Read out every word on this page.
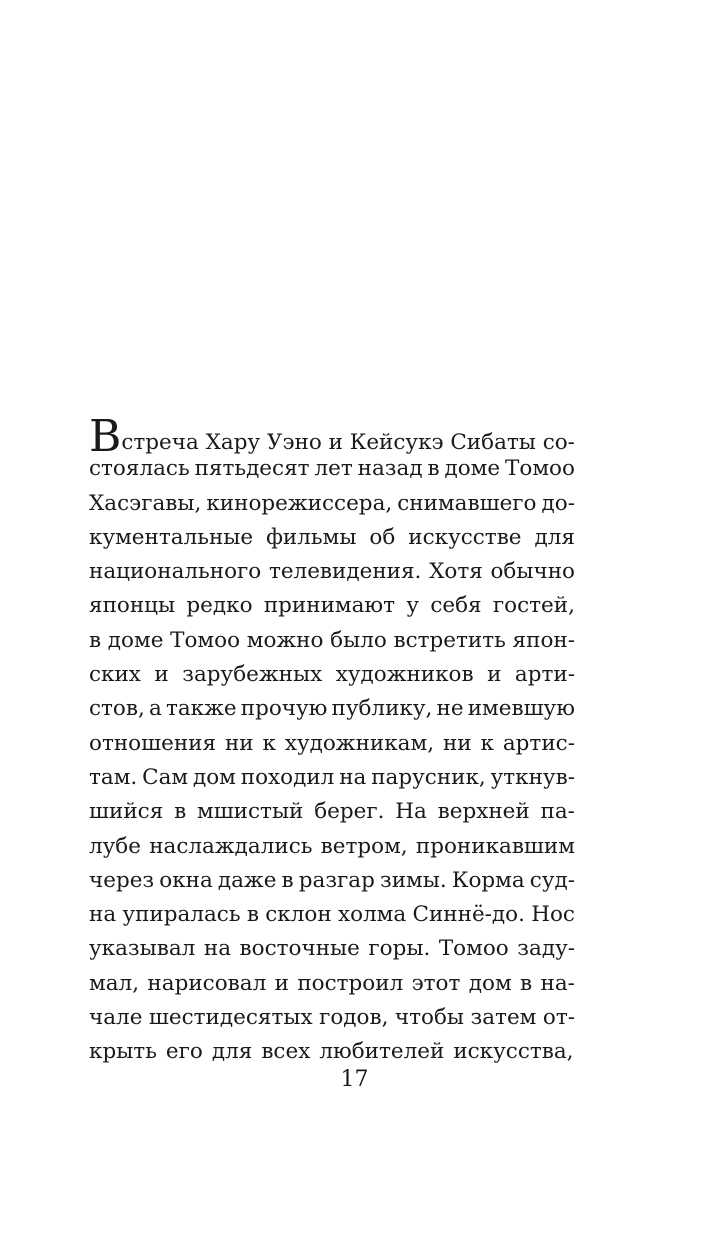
Встреча Хару Уэно и Кейсукэ Сибаты со-
стоялась пятьдесят лет назад в доме Томоо
Хасэгавы, кинорежиссера, снимавшего до-
кументальные фильмы об искусстве для
национального телевидения. Хотя обычно
японцы редко принимают у себя гостей,
в доме Томоо можно было встретить япон-
ских и зарубежных художников и арти-
стов, а также прочую публику, не имевшую
отношения ни к художникам, ни к артис-
там. Сам дом походил на парусник, уткнув-
шийся в мшистый берег. На верхней па-
лубе наслаждались ветром, проникавшим
через окна даже в разгар зимы. Корма суд-
на упиралась в склон холма Синнё-до. Нос
указывал на восточные горы. Томоо заду-
мал, нарисовал и построил этот дом в на-
чале шестидесятых годов, чтобы затем от-
крыть его для всех любителей искусства,
17
